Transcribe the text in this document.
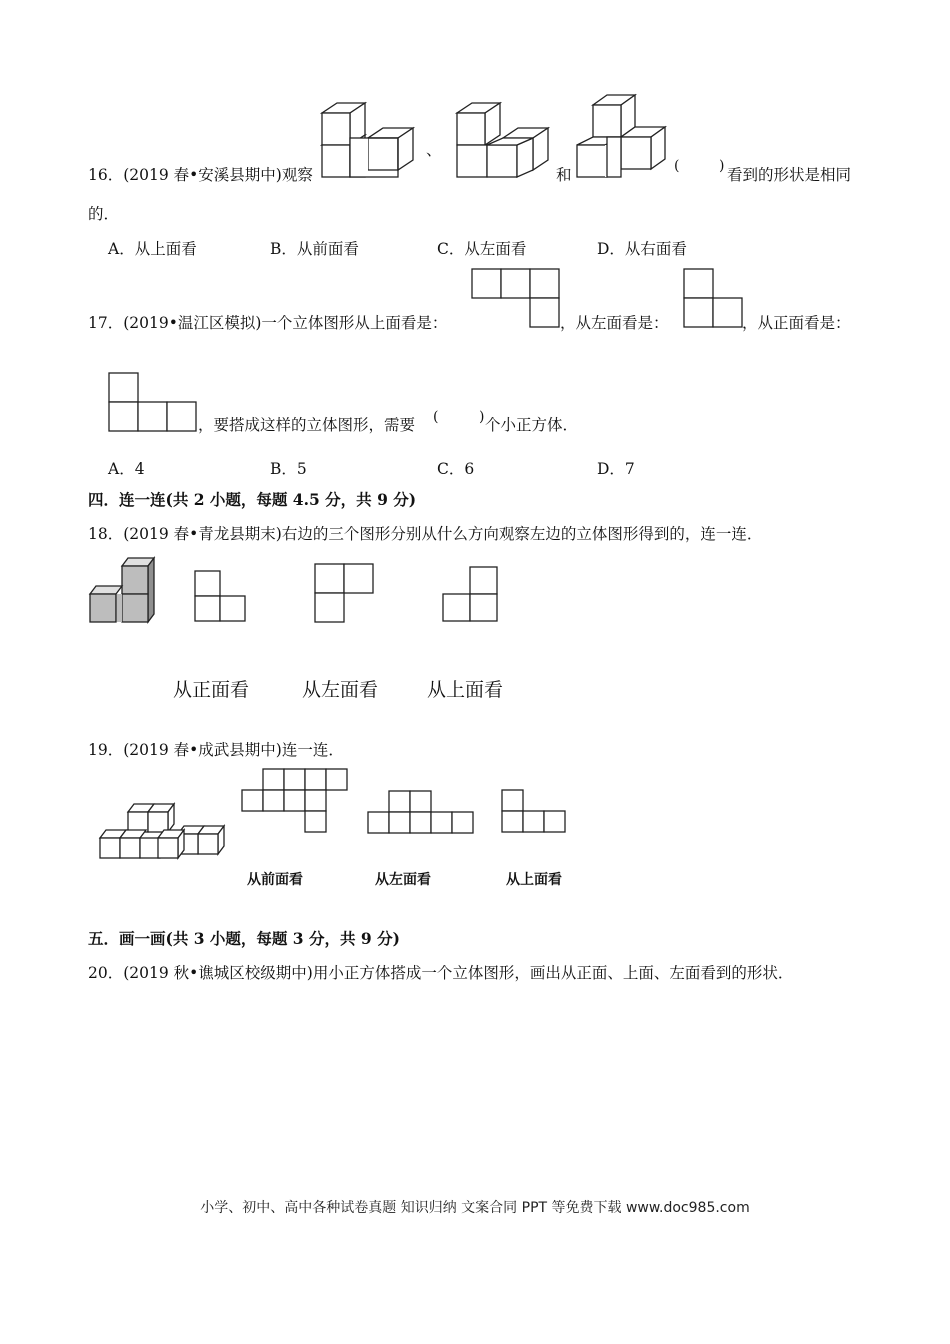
16．(2019 春•安溪县期中)观察
、
和	(	) 看到的形状是相同
的．
A．从上面看	B．从前面看	C．从左面看	D．从右面看
17．(2019•温江区模拟)一个立体图形从上面看是：	，从左面看是：	，从正面看是：
，要搭成这样的立体图形，需要 (	) 个小正方体．
A．4	B．5	C．6	D．7
四．连一连(共 2 小题，每题 4.5 分，共 9 分)
18．(2019 春•青龙县期末)右边的三个图形分别从什么方向观察左边的立体图形得到的，连一连．
从正面看	从左面看	从上面看
19．(2019 春•成武县期中)连一连．
从前面看	从左面看	从上面看
五．画一画(共 3 小题，每题 3 分，共 9 分)
20．(2019 秋•谯城区校级期中)用小正方体搭成一个立体图形，画出从正面、上面、左面看到的形状．
小学、初中、高中各种试卷真题 知识归纳 文案合同 PPT 等免费下载 www.doc985.com
